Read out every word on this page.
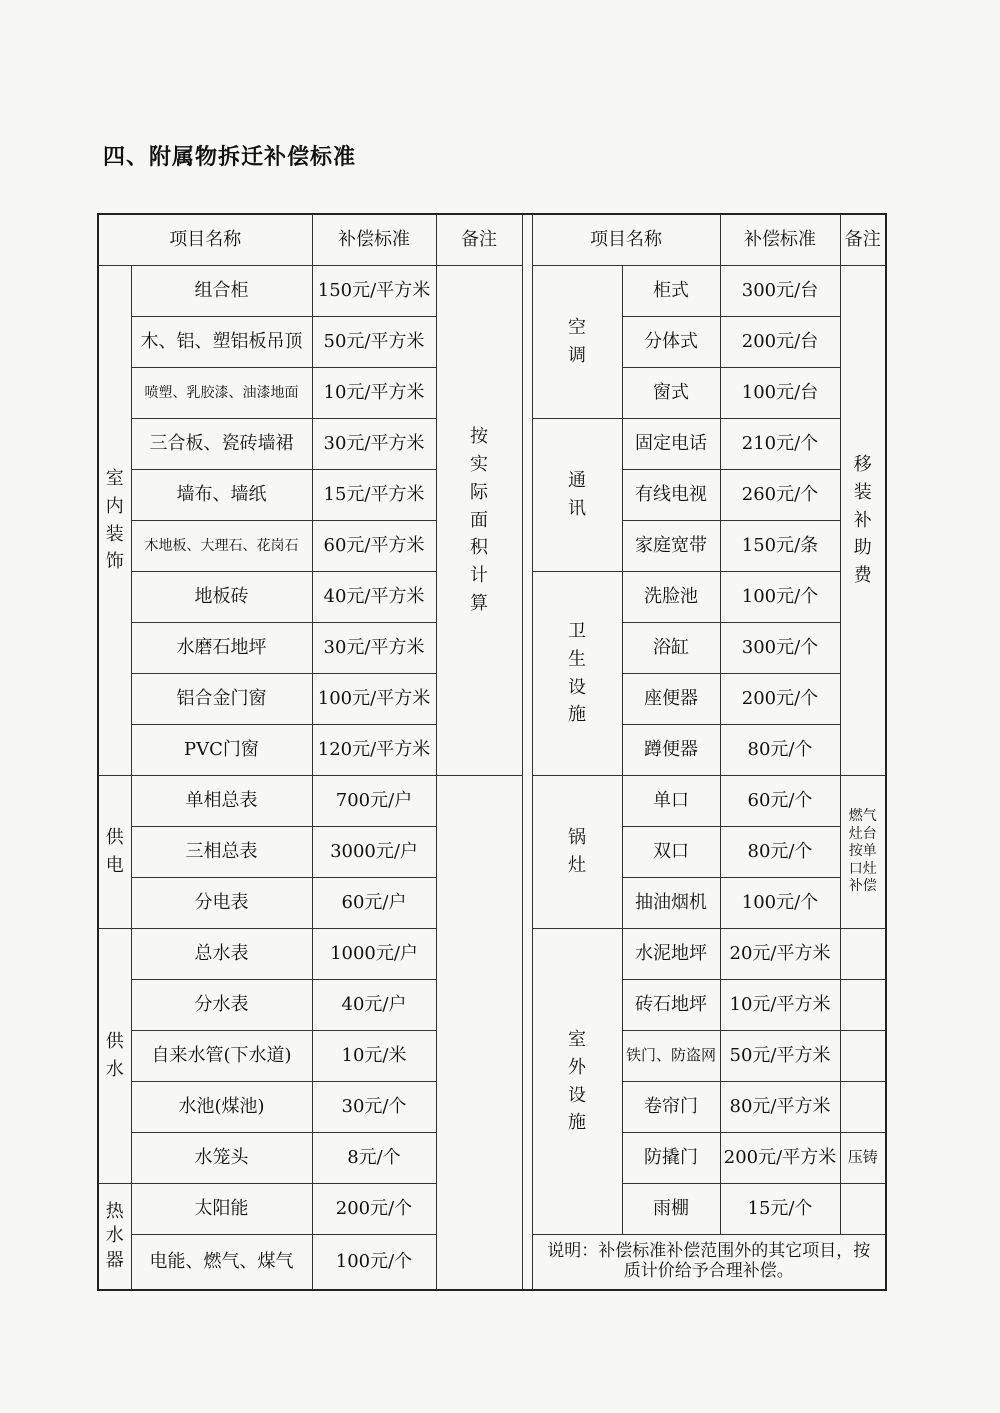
四、附属物拆迁补偿标准
项目名称		补偿标准	备注		项目名称		补偿标准	备注
室内装饰	组合柜	150元/平方米	按实际面积计算		空调	柜式	300元/台	移装补助费
	木、铝、塑铝板吊顶	50元/平方米				分体式	200元/台	
	喷塑、乳胶漆、油漆地面	10元/平方米				窗式	100元/台	
	三合板、瓷砖墙裙	30元/平方米			通讯	固定电话	210元/个	
	墙布、墙纸	15元/平方米				有线电视	260元/个	
	木地板、大理石、花岗石	60元/平方米				家庭宽带	150元/条	
	地板砖	40元/平方米			卫生设施	洗脸池	100元/个	
	水磨石地坪	30元/平方米				浴缸	300元/个	
	铝合金门窗	100元/平方米				座便器	200元/个	
	PVC门窗	120元/平方米				蹲便器	80元/个	
供电	单相总表	700元/户			锅灶	单口	60元/个	燃气灶台按单口灶补偿
	三相总表	3000元/户				双口	80元/个	
	分电表	60元/户				抽油烟机	100元/个	
供水	总水表	1000元/户			室外设施	水泥地坪	20元/平方米	
	分水表	40元/户				砖石地坪	10元/平方米	
	自来水管(下水道)	10元/米				铁门、防盗网	50元/平方米	
	水池(煤池)	30元/个				卷帘门	80元/平方米	
	水笼头	8元/个				防撬门	200元/平方米	压铸
热水器	太阳能	200元/个				雨棚	15元/个	
	电能、燃气、煤气	100元/个			说明：补偿标准补偿范围外的其它项目，按质计价给予合理补偿。			
